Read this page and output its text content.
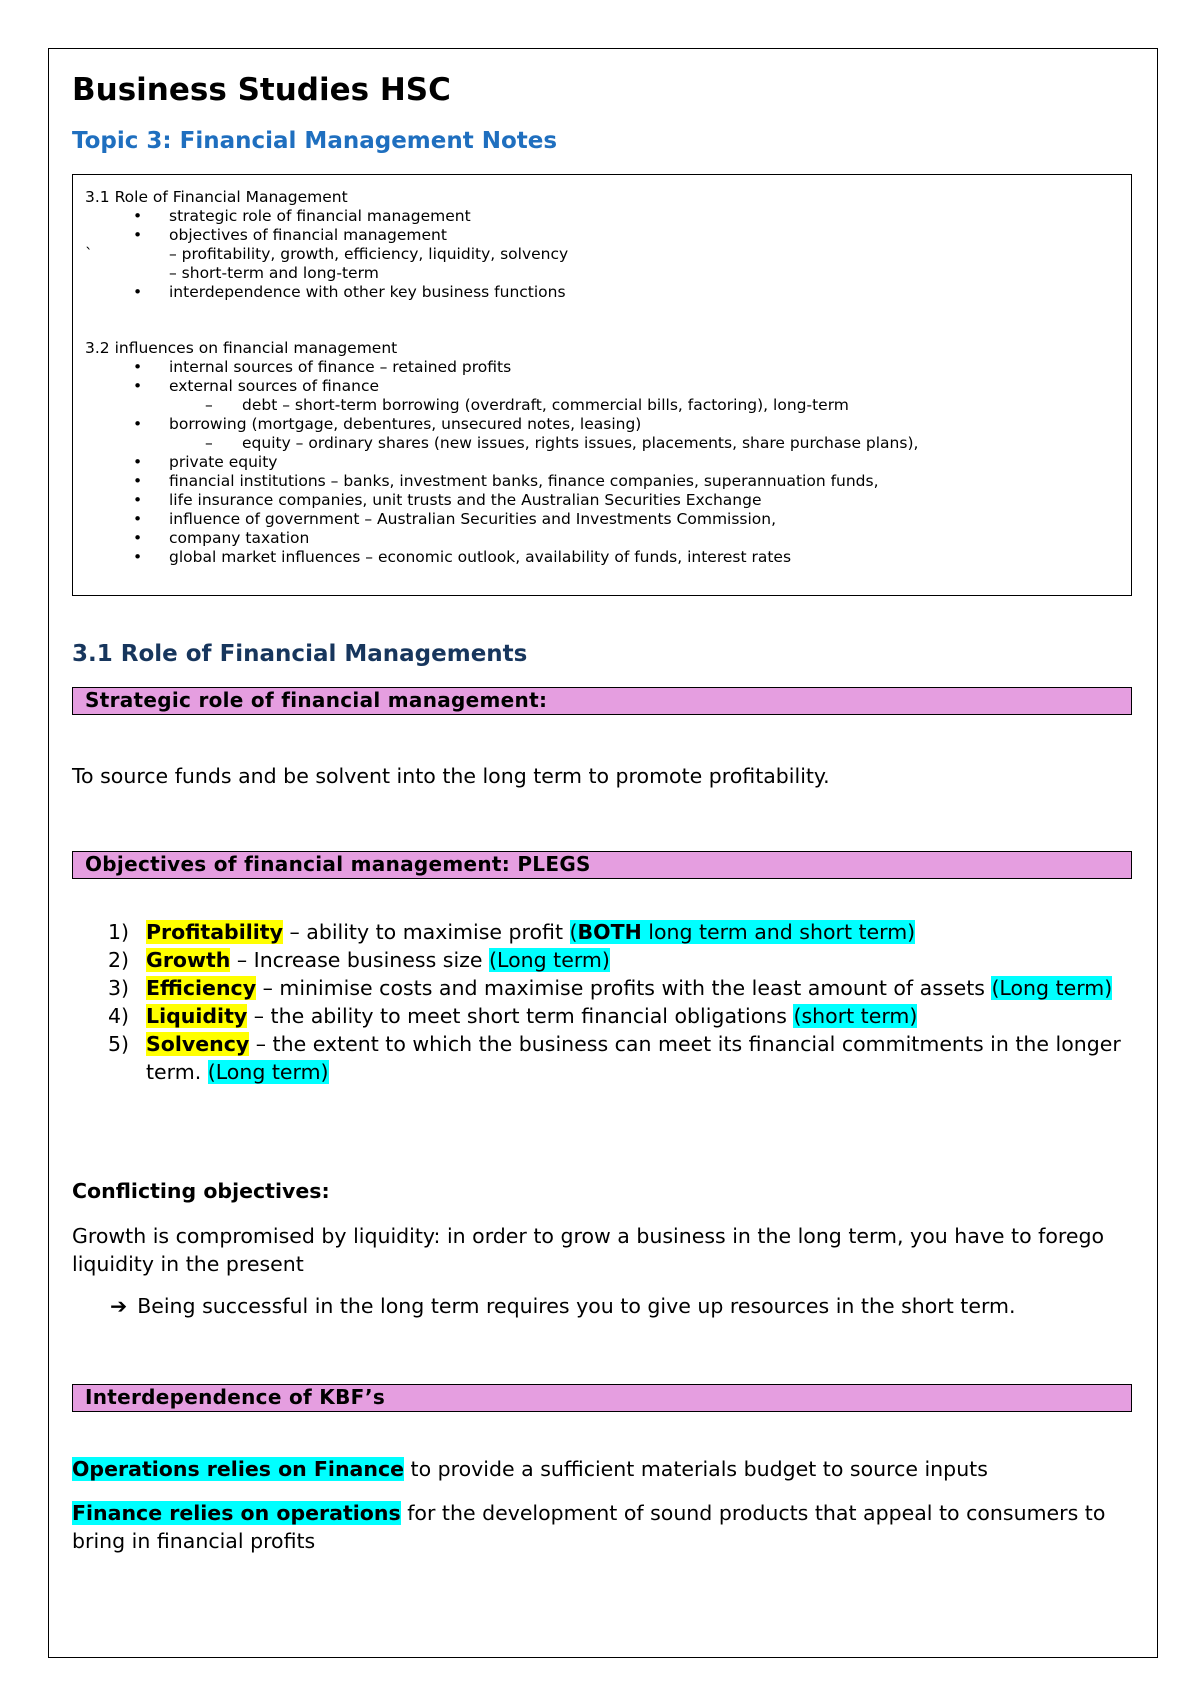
Business Studies HSC
Topic 3: Financial Management Notes
3.1 Role of Financial Management
• strategic role of financial management
• objectives of financial management
`	– profitability, growth, efficiency, liquidity, solvency
– short-term and long-term
• interdependence with other key business functions
3.2 influences on financial management
• internal sources of finance – retained profits
• external sources of finance
– debt – short-term borrowing (overdraft, commercial bills, factoring), long-term
• borrowing (mortgage, debentures, unsecured notes, leasing)
– equity – ordinary shares (new issues, rights issues, placements, share purchase plans),
• private equity
• financial institutions – banks, investment banks, finance companies, superannuation funds,
• life insurance companies, unit trusts and the Australian Securities Exchange
• influence of government – Australian Securities and Investments Commission,
• company taxation
• global market influences – economic outlook, availability of funds, interest rates
3.1 Role of Financial Managements
Strategic role of financial management:

To source funds and be solvent into the long term to promote profitability.

Objectives of financial management: PLEGS
1) Profitability – ability to maximise profit (BOTH long term and short term)
2) Growth – Increase business size (Long term)
3) Efficiency – minimise costs and maximise profits with the least amount of assets (Long term)
4) Liquidity – the ability to meet short term financial obligations (short term)
5) Solvency – the extent to which the business can meet its financial commitments in the longer term. (Long term)

Conflicting objectives:

Growth is compromised by liquidity: in order to grow a business in the long term, you have to forego liquidity in the present

➔ Being successful in the long term requires you to give up resources in the short term.
Interdependence of KBF’s

Operations relies on Finance to provide a sufficient materials budget to source inputs

Finance relies on operations for the development of sound products that appeal to consumers to bring in financial profits
